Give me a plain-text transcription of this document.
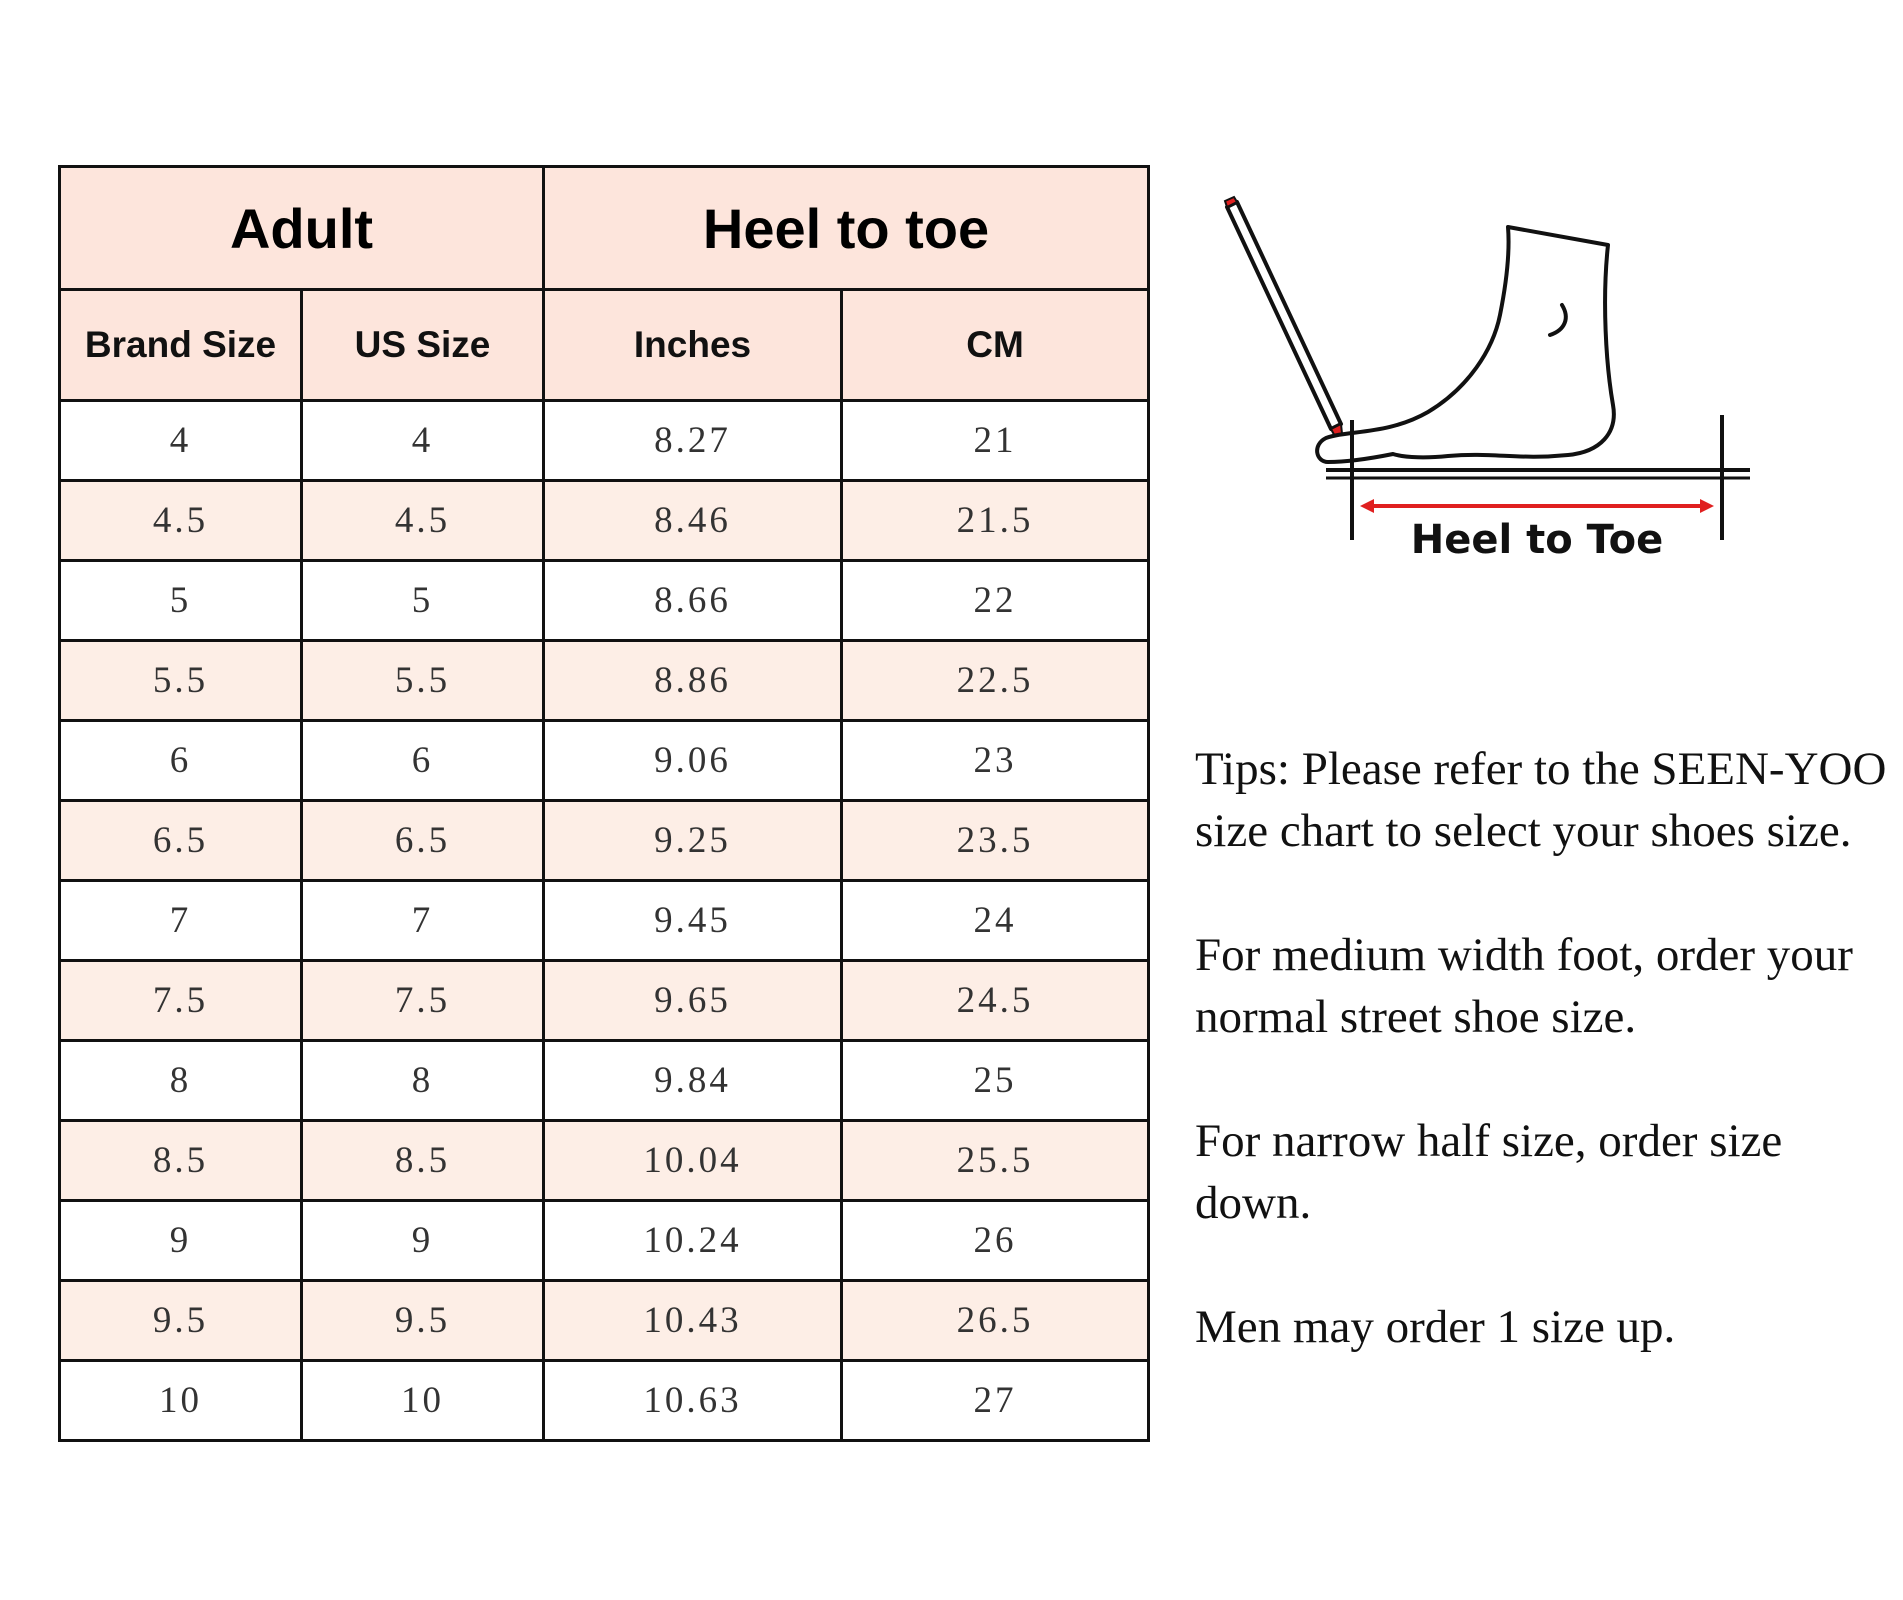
Adult		Heel to toe	
Brand Size	US Size	Inches	CM
4	4	8.27	21
4.5	4.5	8.46	21.5
5	5	8.66	22
5.5	5.5	8.86	22.5
6	6	9.06	23
6.5	6.5	9.25	23.5
7	7	9.45	24
7.5	7.5	9.65	24.5
8	8	9.84	25
8.5	8.5	10.04	25.5
9	9	10.24	26
9.5	9.5	10.43	26.5
10	10	10.63	27
Heel to Toe

Tips: Please refer to the SEEN-YOO size chart to select your shoes size.

For medium width foot, order your normal street shoe size.

For narrow half size, order size down.

Men may order 1 size up.
